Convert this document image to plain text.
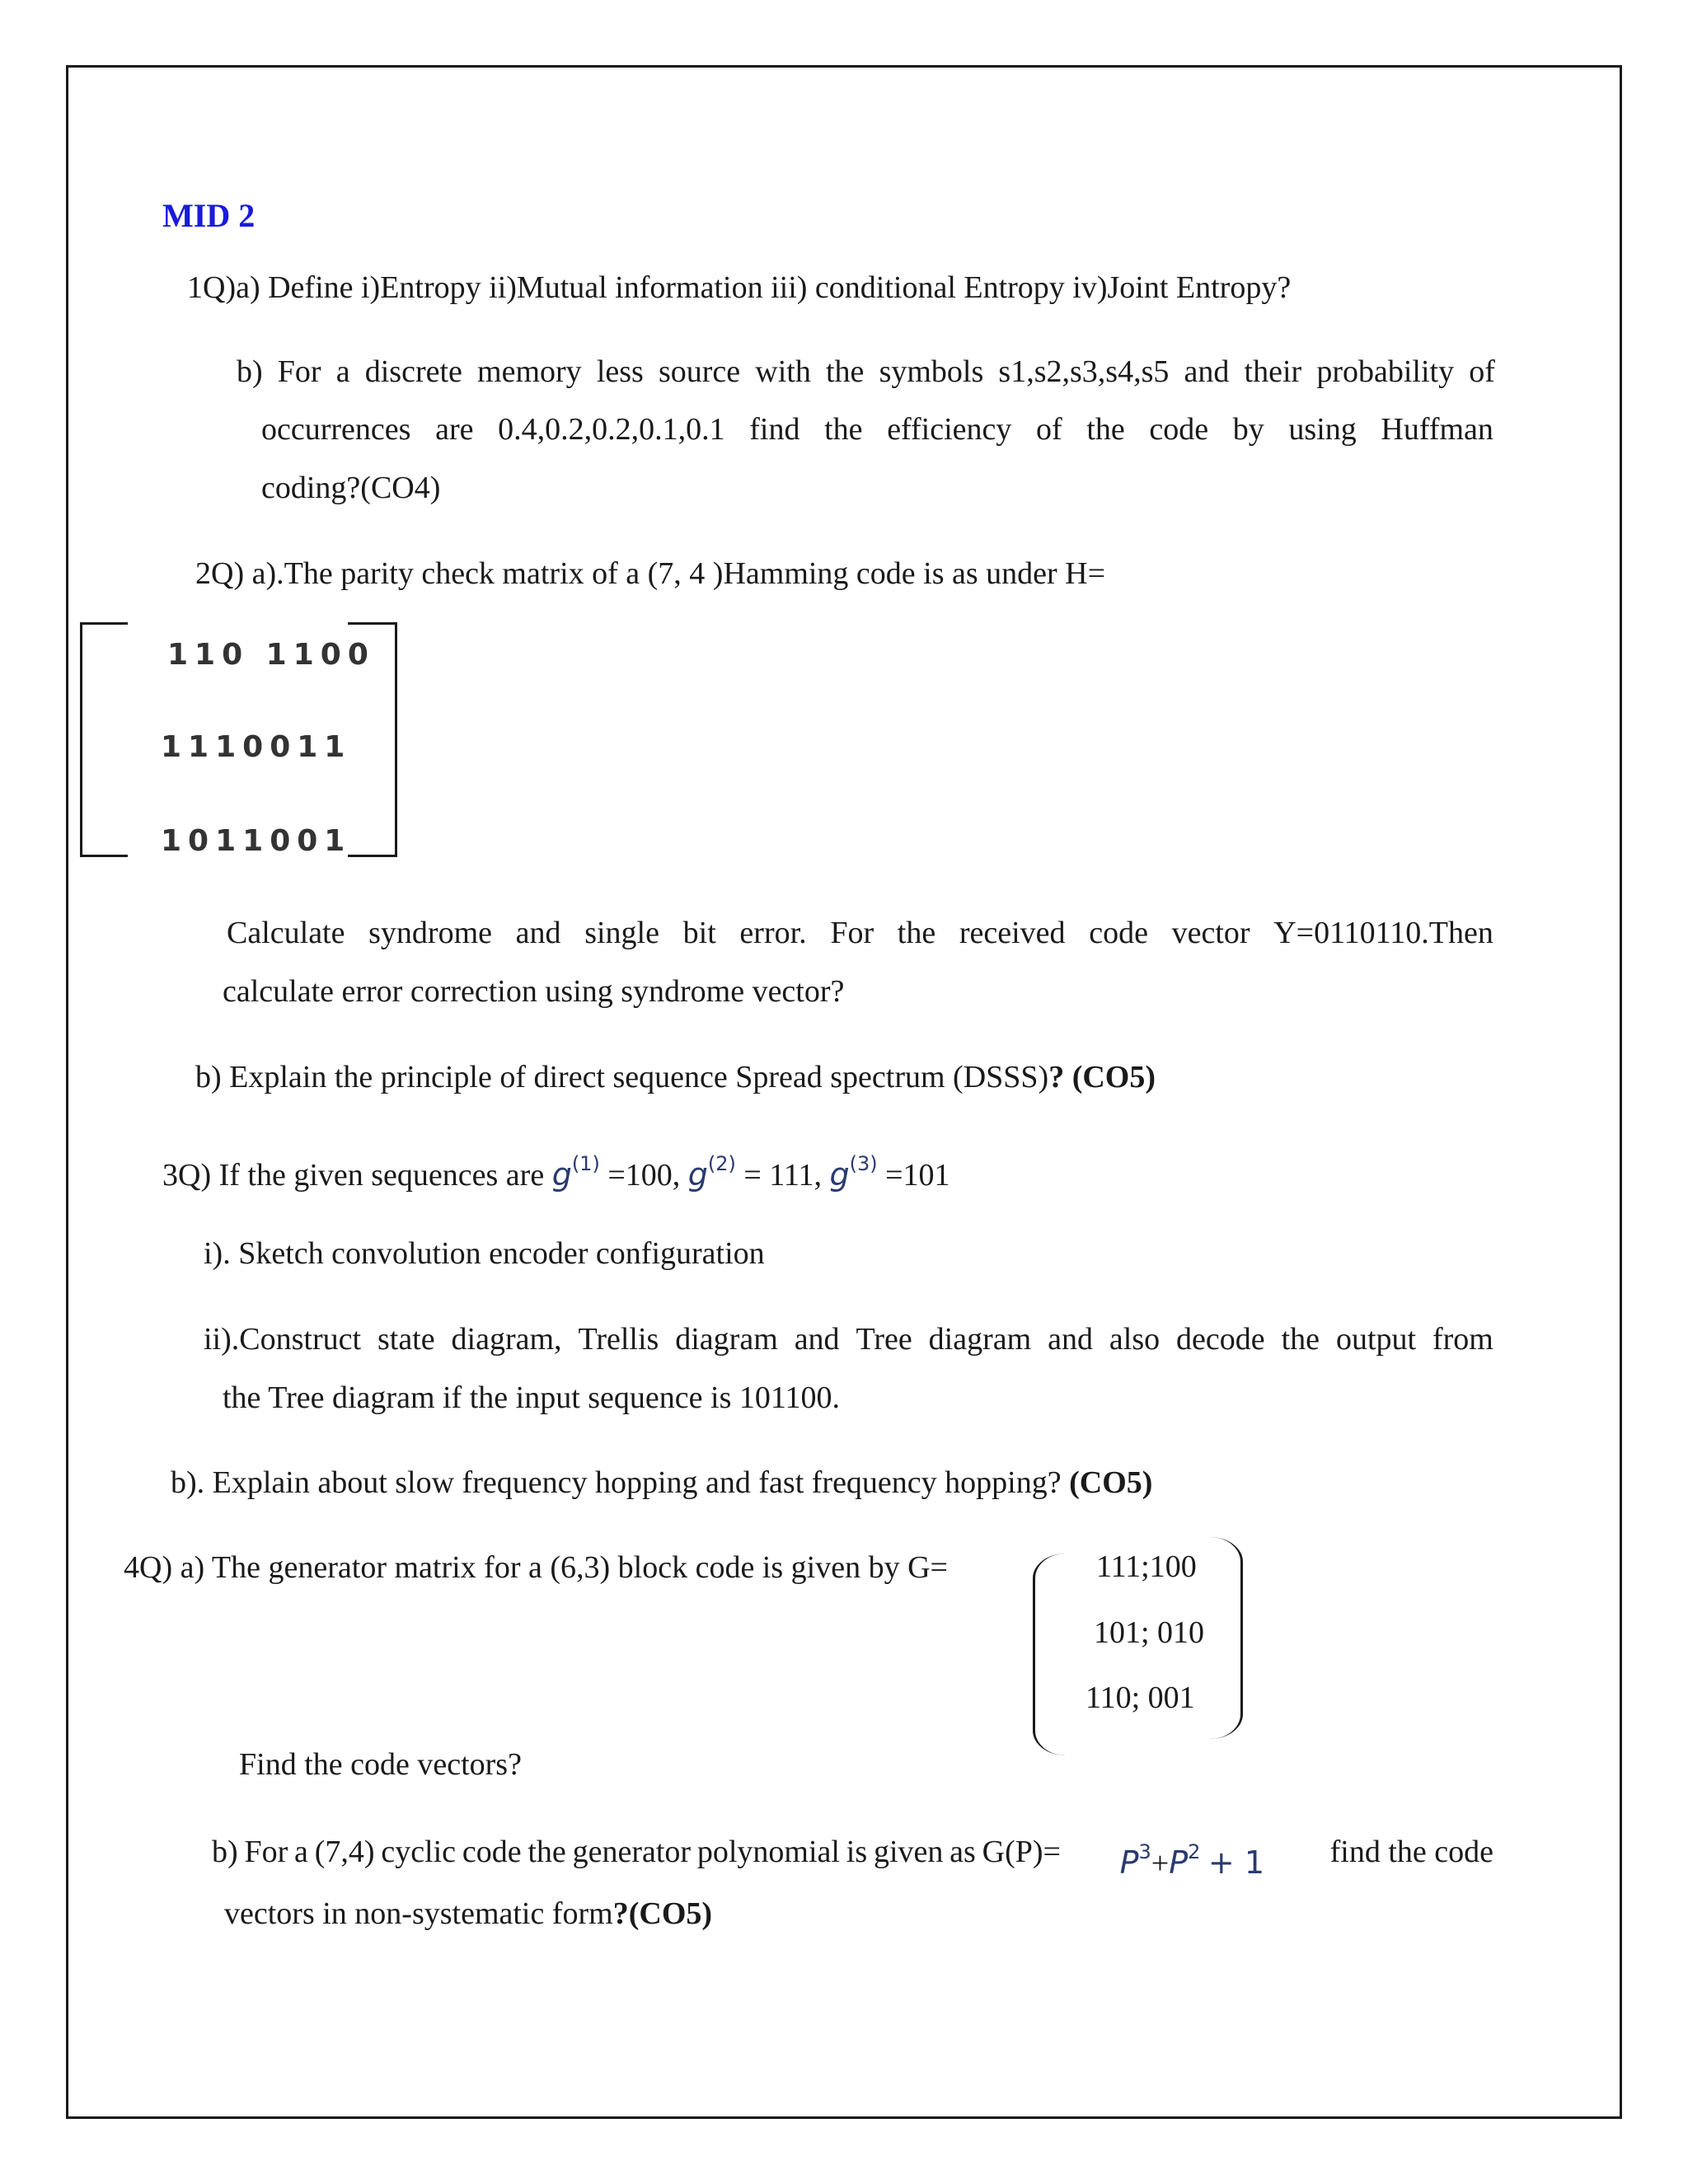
MID 2
1Q)a) Define i)Entropy ii)Mutual information iii) conditional Entropy iv)Joint Entropy?
b) For a discrete memory less source with the symbols s1,s2,s3,s4,s5 and their probability of
occurrences are 0.4,0.2,0.2,0.1,0.1 find the efficiency of the code by using Huffman
coding?(CO4)
2Q) a).The parity check matrix of a (7, 4 )Hamming code is as under H=
110 1100
1110011
1011001
Calculate syndrome and single bit error. For the received code vector Y=0110110.Then
calculate error correction using syndrome vector?
b) Explain the principle of direct sequence Spread spectrum (DSSS)? (CO5)
3Q) If the given sequences are $g^{(1)} =100$, $g^{(2)} = 111$, $g^{(3)} =101$
i). Sketch convolution encoder configuration
ii).Construct state diagram, Trellis diagram and Tree diagram and also decode the output from
the Tree diagram if the input sequence is 101100.
b). Explain about slow frequency hopping and fast frequency hopping? (CO5)
4Q) a) The generator matrix for a (6,3) block code is given by G=	111;100
101; 010
110; 001
Find the code vectors?
b) For a (7,4) cyclic code the generator polynomial is given as $G(P)= P^3+P^2 + 1$ find the code
vectors in non-systematic form?(CO5)
